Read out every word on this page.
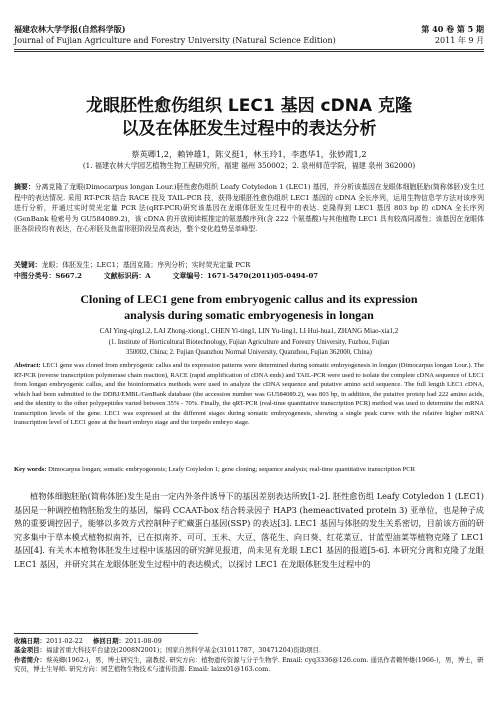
福建农林大学学报(自然科学版)
Journal of Fujian Agriculture and Forestry University (Natural Science Edition)
第 40 卷 第 5 期
2011 年 9 月
龙眼胚性愈伤组织 LEC1 基因 cDNA 克隆
以及在体胚发生过程中的表达分析
蔡英卿1,2，赖钟雄1，陈义挺1，林玉玲1，李惠华1，张妙霞1,2
(1. 福建农林大学园艺植物生物工程研究所，福建 福州 350002；2. 泉州师范学院，福建 泉州 362000)
摘要：分离克隆了龙眼(Dimocarpus longan Lour.)胚性愈伤组织 Leafy Cotyledon 1 (LEC1) 基因，并分析该基因在龙眼体细胞胚胎(简称体胚)发生过程中的表达情况. 采用 RT-PCR 结合 RACE 技及 TAIL-PCR 技，获得龙眼胚性愈伤组织 LEC1 基因的 cDNA 全长序列，运用生物信息学方法对该序列进行分析，并通过实时荧光定量 PCR 法(qRT-PCR)研究该基因在龙眼体胚发生过程中的表达. 克隆得到 LEC1 基因 803 bp 的 cDNA 全长序列(GenBank 检索号为 GU584089.2)，该 cDNA 的开放阅读框推定的氨基酸序列(含 222 个氨基酸)与其他植物 LEC1 具有较高同源性；该基因在龙眼体胚各阶段均有表达，在心形胚及鱼雷形胚阶段呈高表达，整个变化趋势呈单峰型.
关键词：龙眼；体胚发生；LEC1；基因克隆；序列分析；实时荧光定量 PCR
中图分类号：S667.2	文献标识码：A	文章编号：1671-5470(2011)05-0494-07
Cloning of LEC1 gene from embryogenic callus and its expression
analysis during somatic embryogenesis in longan
CAI Ying-qing1,2, LAI Zhong-xiong1, CHEN Yi-ting1, LIN Yu-ling1, LI Hui-hua1, ZHANG Miao-xia1,2
(1. Institute of Horticultural Biotechnology, Fujian Agriculture and Forestry University, Fuzhou, Fujian
350002, China; 2. Fujian Quanzhou Normal University, Quanzhou, Fujian 362000, China)
Abstract: LEC1 gene was cloned from embryogenic callus and its expression patterns were determined during somatic embryogenesis in longan (Dimocarpus longan Lour.). The RT-PCR (reverse transcription polymerase chain reaction), RACE (rapid amplification of cDNA ends) and TAIL-PCR were used to isolate the complete cDNA sequence of LEC1 from longan embryogenic callus, and the bioinformatics methods were used to analyze the cDNA sequence and putative amino acid sequence. The full length LEC1 cDNA, which had been submitted to the DDBJ/EMBL/GenBank database (the accession number was GU584089.2), was 803 bp, in addition, the putative proteip had 222 amino acids, and the identity to the other polypeptides varied between 35% - 70%. Finally, the qRT-PCR (real-time quantitative transcription PCR) method was used to determine the mRNA transcription levels of the gene. LEC1 was expressed at the different stages during somatic embryogenesis, showing a single peak curve with the relative higher mRNA transcription level of LEC1 gene at the heart embryo stage and the torpedo embryo stage.
Key words: Dimocarpus longan; somatic embryogenesis; Leafy Cotyledon 1; gene cloning; sequence analysis; real-time quantitative transcription PCR
植物体细胞胚胎(简称体胚)发生是由一定内外条件诱导下的基因差别表达所致[1-2]. 胚性愈伤组 Leafy Cotyledon 1 (LEC1) 基因是一种调控植物胚胎发生的基因，编码 CCAAT-box 结合转录因子 HAP3 (hemeactivated protein 3) 亚单位，也是种子成熟的重要调控因子，能够以多效方式控制种子贮藏蛋白基因(SSP) 的表达[3]. LEC1 基因与体胚的发生关系密切，目前该方面的研究多集中于草本模式植物拟南芥，已在拟南芥、可可、玉米、大豆、落花生、向日葵、红花菜豆、甘蓝型油菜等植物克隆了 LEC1 基因[4]. 有关木本植物体胚发生过程中该基因的研究鲜见报道，尚未见有龙眼 LEC1 基因的报道[5-6]. 本研究分离和克隆了龙眼 LEC1 基因，并研究其在龙眼体胚发生过程中的表达模式，以探讨 LEC1 在龙眼体胚发生过程中的
收稿日期：2011-02-22 修回日期：2011-08-09
基金项目：福建省重大科技平台建设(2008N2001)；国家自然科学基金(31011787、30471204)资助项目.
作者简介：蔡英卿(1962-)，男，博士研究生，副教授. 研究方向：植物遗传资源与分子生物学. Email: cyq3336@126.com. 通讯作者赖钟雄(1966-)，男，博士，研究员，博士生导师. 研究方向：园艺植物生物技术与遗传资源. Email: laizx01@163.com.
